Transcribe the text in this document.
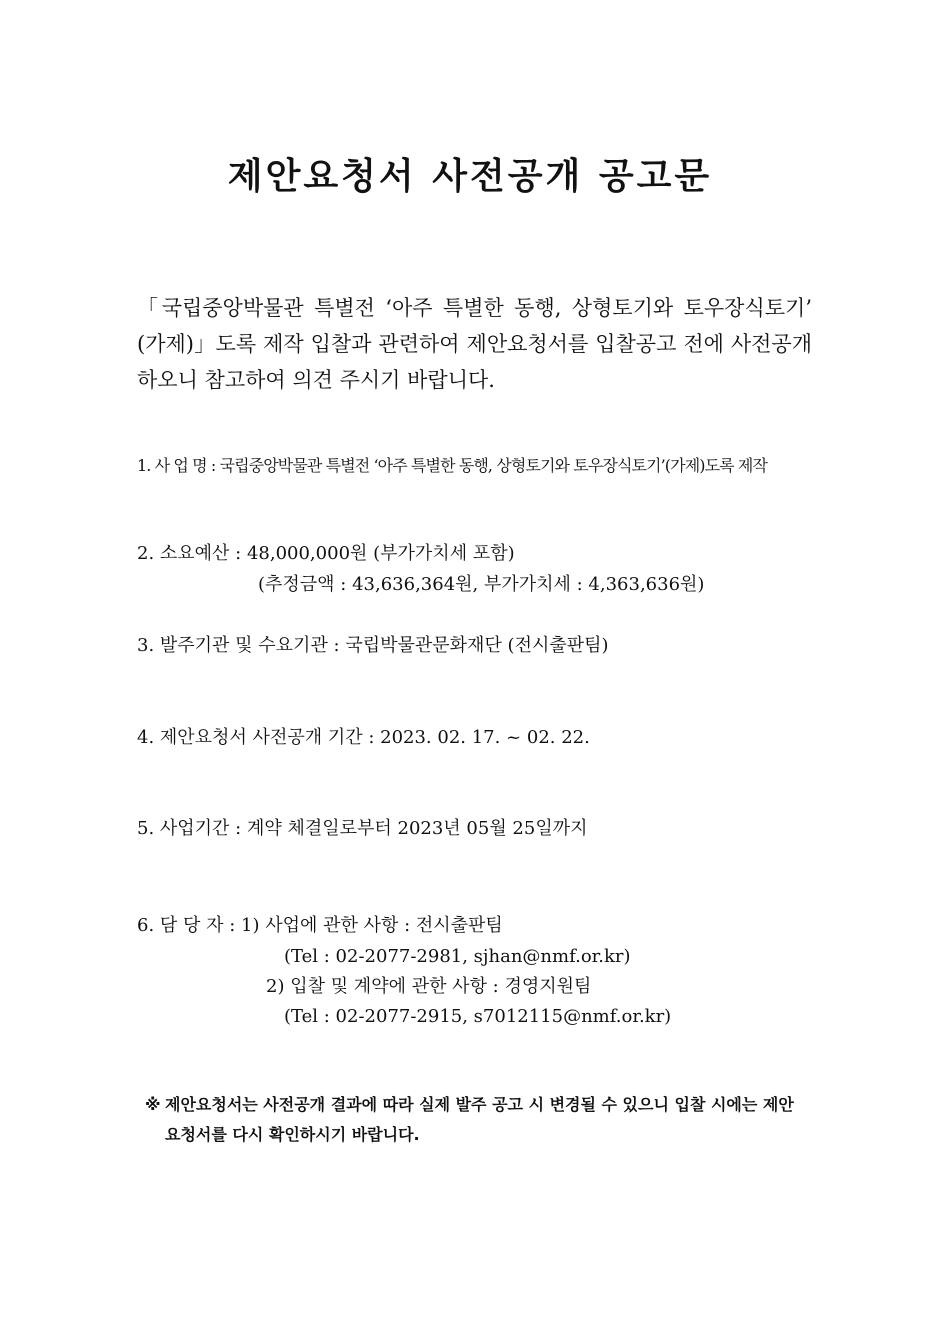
제안요청서 사전공개 공고문

「국립중앙박물관 특별전 ‘아주 특별한 동행, 상형토기와 토우장식토기’ (가제)」도록 제작 입찰과 관련하여 제안요청서를 입찰공고 전에 사전공개하오니 참고하여 의견 주시기 바랍니다.

1. 사 업 명 : 국립중앙박물관 특별전 ‘아주 특별한 동행, 상형토기와 토우장식토기’(가제)도록 제작

2. 소요예산 : 48,000,000원 (부가가치세 포함)

(추정금액 : 43,636,364원, 부가가치세 : 4,363,636원)

3. 발주기관 및 수요기관 : 국립박물관문화재단 (전시출판팀)

4. 제안요청서 사전공개 기간 : 2023. 02. 17. ~ 02. 22.

5. 사업기간 : 계약 체결일로부터 2023년 05월 25일까지

6. 담 당 자 : 1) 사업에 관한 사항 : 전시출판팀

(Tel : 02-2077-2981, sjhan@nmf.or.kr)

2) 입찰 및 계약에 관한 사항 : 경영지원팀

(Tel : 02-2077-2915, s7012115@nmf.or.kr)

※ 제안요청서는 사전공개 결과에 따라 실제 발주 공고 시 변경될 수 있으니 입찰 시에는 제안
요청서를 다시 확인하시기 바랍니다.
